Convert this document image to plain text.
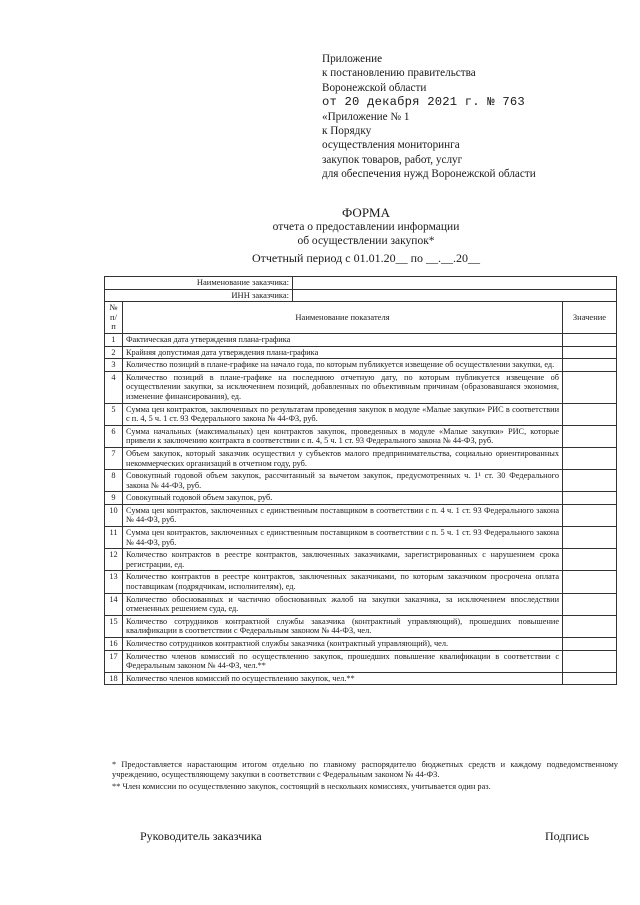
Приложение
к постановлению правительства
Воронежской области
от 20 декабря 2021 г. № 763
«Приложение № 1
к Порядку
осуществления мониторинга
закупок товаров, работ, услуг
для обеспечения нужд Воронежской области
ФОРМА
отчета о предоставлении информации
об осуществлении закупок*
Отчетный период с 01.01.20__ по __.__.20__
Наименование заказчика:			
ИНН заказчика:			
№ п/п	Наименование показателя		Значение
1	Фактическая дата утверждения плана-графика		
2	Крайняя допустимая дата утверждения плана-графика		
3	Количество позиций в плане-графике на начало года, по которым публикуется извещение об осуществлении закупки, ед.		
4	Количество позиций в плане-графике на последнюю отчетную дату, по которым публикуется извещение об осуществлении закупки, за исключением позиций, добавленных по объективным причинам (образовавшаяся экономия, изменение финансирования), ед.		
5	Сумма цен контрактов, заключенных по результатам проведения закупок в модуле «Малые закупки» РИС в соответствии с п. 4, 5 ч. 1 ст. 93 Федерального закона № 44-ФЗ, руб.		
6	Сумма начальных (максимальных) цен контрактов закупок, проведенных в модуле «Малые закупки» РИС, которые привели к заключению контракта в соответствии с п. 4, 5 ч. 1 ст. 93 Федерального закона № 44-ФЗ, руб.		
7	Объем закупок, который заказчик осуществил у субъектов малого предпринимательства, социально ориентированных некоммерческих организаций в отчетном году, руб.		
8	Совокупный годовой объем закупок, рассчитанный за вычетом закупок, предусмотренных ч. 1¹ ст. 30 Федерального закона № 44-ФЗ, руб.		
9	Совокупный годовой объем закупок, руб.		
10	Сумма цен контрактов, заключенных с единственным поставщиком в соответствии с п. 4 ч. 1 ст. 93 Федерального закона № 44-ФЗ, руб.		
11	Сумма цен контрактов, заключенных с единственным поставщиком в соответствии с п. 5 ч. 1 ст. 93 Федерального закона № 44-ФЗ, руб.		
12	Количество контрактов в реестре контрактов, заключенных заказчиками, зарегистрированных с нарушением срока регистрации, ед.		
13	Количество контрактов в реестре контрактов, заключенных заказчиками, по которым заказчиком просрочена оплата поставщикам (подрядчикам, исполнителям), ед.		
14	Количество обоснованных и частично обоснованных жалоб на закупки заказчика, за исключением впоследствии отмененных решением суда, ед.		
15	Количество сотрудников контрактной службы заказчика (контрактный управляющий), прошедших повышение квалификации в соответствии с Федеральным законом № 44-ФЗ, чел.		
16	Количество сотрудников контрактной службы заказчика (контрактный управляющий), чел.		
17	Количество членов комиссий по осуществлению закупок, прошедших повышение квалификации в соответствии с Федеральным законом № 44-ФЗ, чел.**		
18	Количество членов комиссий по осуществлению закупок, чел.**		

* Предоставляется нарастающим итогом отдельно по главному распорядителю бюджетных средств и каждому подведомственному учреждению, осуществляющему закупки в соответствии с Федеральным законом № 44-ФЗ.

** Член комиссии по осуществлению закупок, состоящий в нескольких комиссиях, учитывается один раз.

Руководитель заказчика	Подпись
